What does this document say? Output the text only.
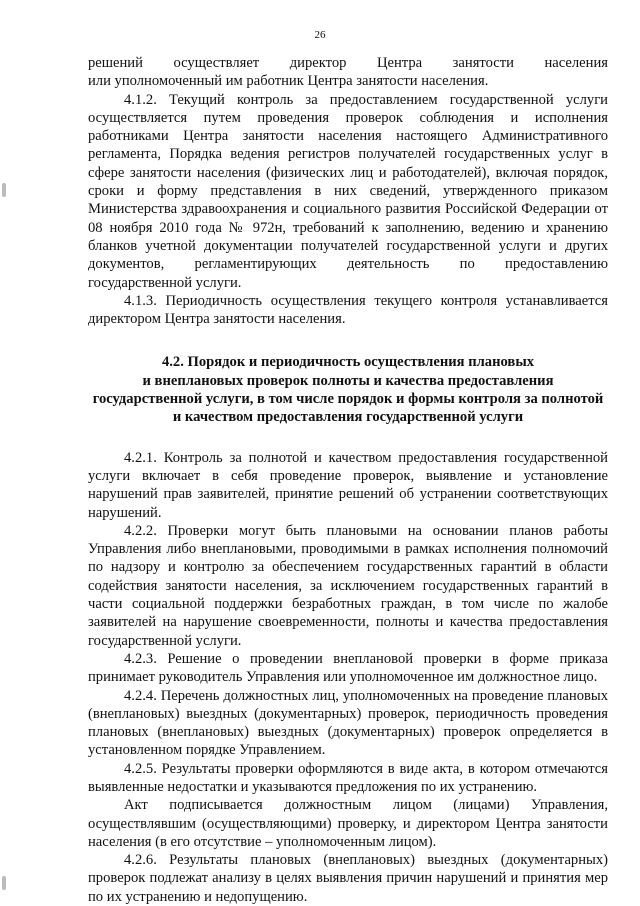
26

решений осуществляет директор Центра занятости населения

или уполномоченный им работник Центра занятости населения.

4.1.2. Текущий контроль за предоставлением государственной услуги осуществляется путем проведения проверок соблюдения и исполнения работниками Центра занятости населения настоящего Административного регламента, Порядка ведения регистров получателей государственных услуг в сфере занятости населения (физических лиц и работодателей), включая порядок, сроки и форму представления в них сведений, утвержденного приказом Министерства здравоохранения и социального развития Российской Федерации от 08 ноября 2010 года № 972н, требований к заполнению, ведению и хранению бланков учетной документации получателей государственной услуги и других документов, регламентирующих деятельность по предоставлению государственной услуги.

4.1.3. Периодичность осуществления текущего контроля устанавливается директором Центра занятости населения.

4.2. Порядок и периодичность осуществления плановых
и внеплановых проверок полноты и качества предоставления
государственной услуги, в том числе порядок и формы контроля за полнотой
и качеством предоставления государственной услуги

4.2.1. Контроль за полнотой и качеством предоставления государственной услуги включает в себя проведение проверок, выявление и установление нарушений прав заявителей, принятие решений об устранении соответствующих нарушений.

4.2.2. Проверки могут быть плановыми на основании планов работы Управления либо внеплановыми, проводимыми в рамках исполнения полномочий по надзору и контролю за обеспечением государственных гарантий в области содействия занятости населения, за исключением государственных гарантий в части социальной поддержки безработных граждан, в том числе по жалобе заявителей на нарушение своевременности, полноты и качества предоставления государственной услуги.

4.2.3. Решение о проведении внеплановой проверки в форме приказа принимает руководитель Управления или уполномоченное им должностное лицо.

4.2.4. Перечень должностных лиц, уполномоченных на проведение плановых (внеплановых) выездных (документарных) проверок, периодичность проведения плановых (внеплановых) выездных (документарных) проверок определяется в установленном порядке Управлением.

4.2.5. Результаты проверки оформляются в виде акта, в котором отмечаются выявленные недостатки и указываются предложения по их устранению.

Акт подписывается должностным лицом (лицами) Управления, осуществлявшим (осуществляющими) проверку, и директором Центра занятости населения (в его отсутствие – уполномоченным лицом).

4.2.6. Результаты плановых (внеплановых) выездных (документарных) проверок подлежат анализу в целях выявления причин нарушений и принятия мер по их устранению и недопущению.
